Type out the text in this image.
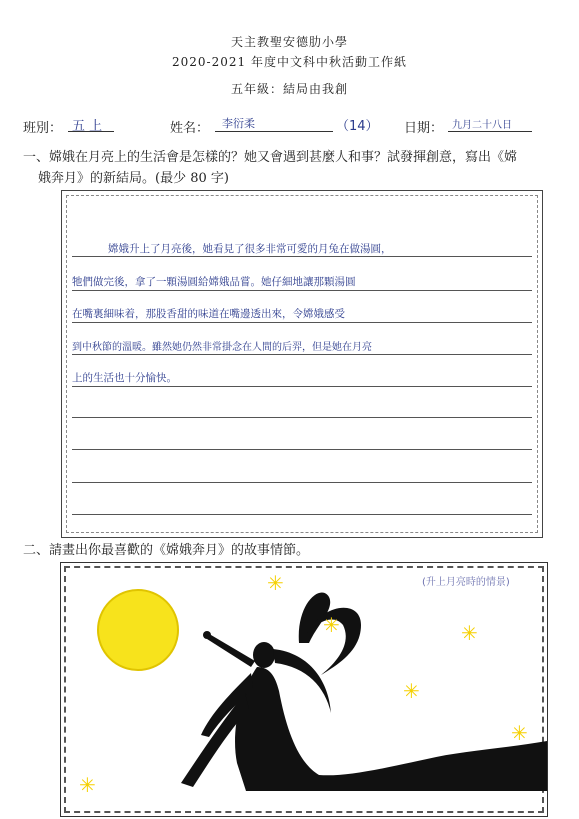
天主教聖安德肋小學
2020-2021 年度中文科中秋活動工作紙
五年級：結局由我創
班別： 五 上	姓名： 李衍柔	（14） 日期： 九月二十八日
一、嫦娥在月亮上的生活會是怎樣的？她又會遇到甚麼人和事？試發揮創意，寫出《嫦
娥奔月》的新結局。(最少 80 字)
嫦娥升上了月亮後，她看見了很多非常可愛的月兔在做湯圓，
牠們做完後，拿了一顆湯圓給嫦娥品嘗。她仔細地讓那顆湯圓
在嘴裏細味着，那股香甜的味道在嘴邊透出來，令嫦娥感受
到中秋節的溫暖。雖然她仍然非常掛念在人間的后羿，但是她在月亮
上的生活也十分愉快。
二、請畫出你最喜歡的《嫦娥奔月》的故事情節。
✳
✳
✳
✳
✳
✳
(升上月亮時的情景)
